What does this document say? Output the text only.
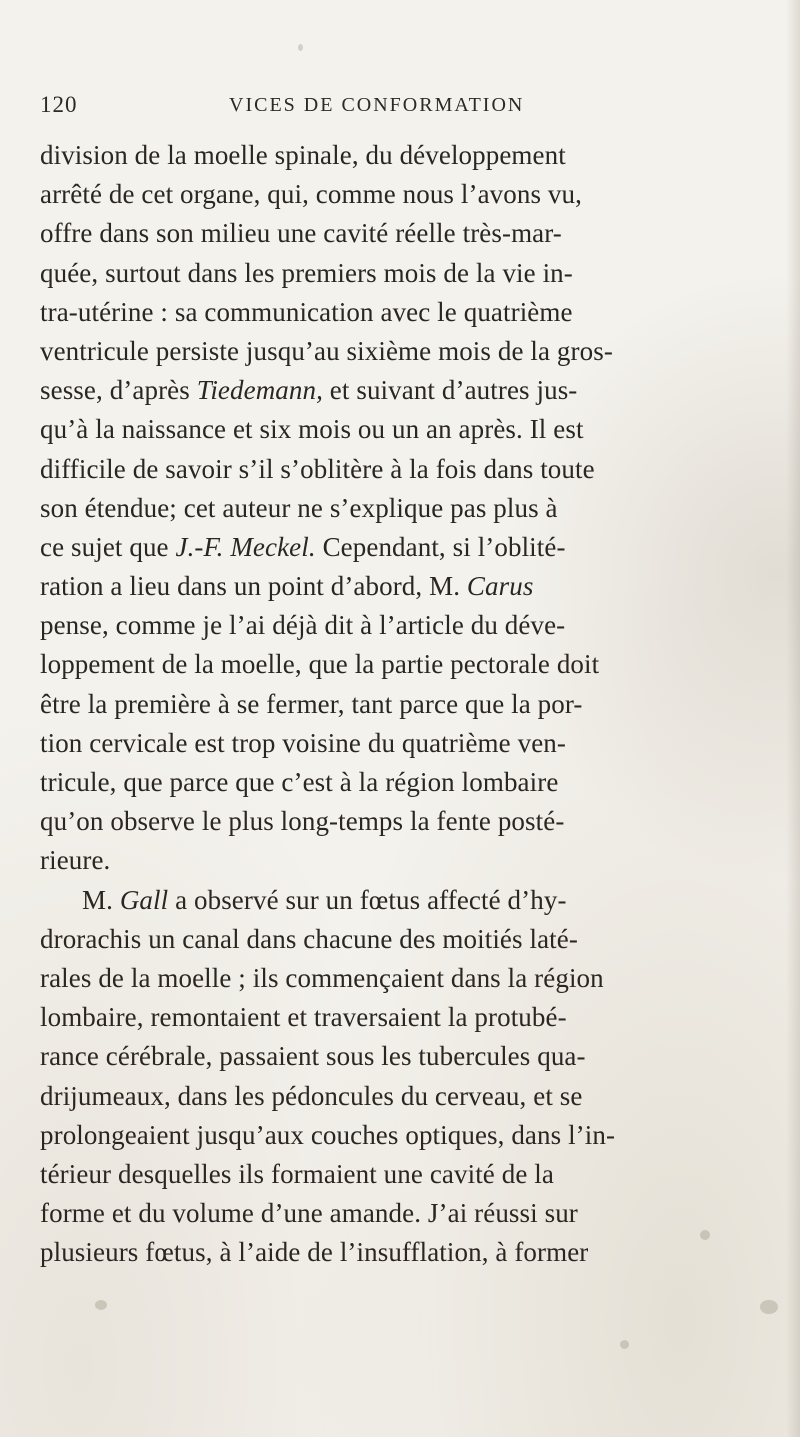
120	VICES DE CONFORMATION
division de la moelle spinale, du développement
arrêté de cet organe, qui, comme nous l’avons vu,
offre dans son milieu une cavité réelle très-mar-
quée, surtout dans les premiers mois de la vie in-
tra-utérine : sa communication avec le quatrième
ventricule persiste jusqu’au sixième mois de la gros-
sesse, d’après Tiedemann, et suivant d’autres jus-
qu’à la naissance et six mois ou un an après. Il est
difficile de savoir s’il s’oblitère à la fois dans toute
son étendue; cet auteur ne s’explique pas plus à
ce sujet que J.-F. Meckel. Cependant, si l’oblité-
ration a lieu dans un point d’abord, M. Carus
pense, comme je l’ai déjà dit à l’article du déve-
loppement de la moelle, que la partie pectorale doit
être la première à se fermer, tant parce que la por-
tion cervicale est trop voisine du quatrième ven-
tricule, que parce que c’est à la région lombaire
qu’on observe le plus long-temps la fente posté-
rieure.
M. Gall a observé sur un fœtus affecté d’hy-
drorachis un canal dans chacune des moitiés laté-
rales de la moelle ; ils commençaient dans la région
lombaire, remontaient et traversaient la protubé-
rance cérébrale, passaient sous les tubercules qua-
drijumeaux, dans les pédoncules du cerveau, et se
prolongeaient jusqu’aux couches optiques, dans l’in-
térieur desquelles ils formaient une cavité de la
forme et du volume d’une amande. J’ai réussi sur
plusieurs fœtus, à l’aide de l’insufflation, à former
